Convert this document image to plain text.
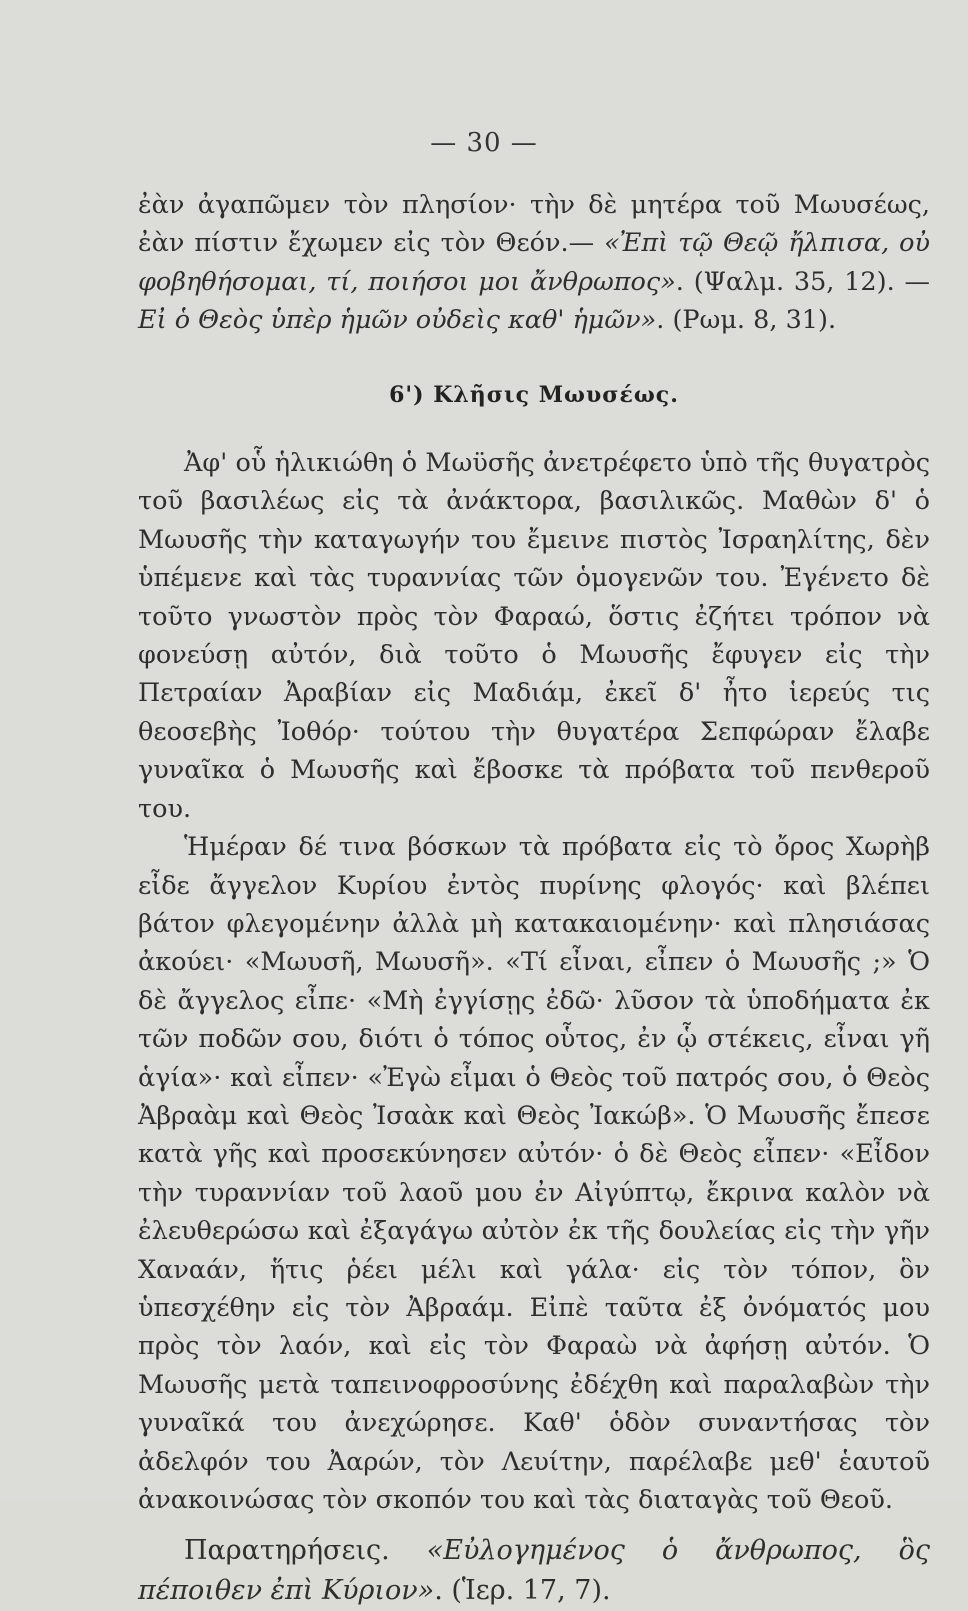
— 30 —

ἐὰν ἀγαπῶμεν τὸν πλησίον· τὴν δὲ μητέρα τοῦ Μωυσέως, ἐὰν πίστιν ἔχωμεν εἰς τὸν Θεόν.— «Ἐπὶ τῷ Θεῷ ἤλπισα, οὐ φοβηθήσομαι, τί, ποιήσοι μοι ἄνθρωπος». (Ψαλμ. 35, 12). — Εἰ ὁ Θεὸς ὑπὲρ ἡμῶν οὐδεὶς καθ' ἡμῶν». (Ρωμ. 8, 31).

6') Κλῆσις Μωυσέως.

Ἀφ' οὗ ἡλικιώθη ὁ Μωϋσῆς ἀνετρέφετο ὑπὸ τῆς θυγατρὸς τοῦ βασιλέως εἰς τὰ ἀνάκτορα, βασιλικῶς. Μαθὼν δ' ὁ Μωυσῆς τὴν καταγωγήν του ἔμεινε πιστὸς Ἰσραηλίτης, δὲν ὑπέμενε καὶ τὰς τυραννίας τῶν ὁμογενῶν του. Ἐγένετο δὲ τοῦτο γνωστὸν πρὸς τὸν Φαραώ, ὅστις ἐζήτει τρόπον νὰ φονεύσῃ αὐτόν, διὰ τοῦτο ὁ Μωυσῆς ἔφυγεν εἰς τὴν Πετραίαν Ἀραβίαν εἰς Μαδιάμ, ἐκεῖ δ' ἦτο ἱερεύς τις θεοσεβὴς Ἰοθόρ· τούτου τὴν θυγατέρα Σεπφώραν ἔλαβε γυναῖκα ὁ Μωυσῆς καὶ ἔβοσκε τὰ πρόβατα τοῦ πενθεροῦ του.

Ἡμέραν δέ τινα βόσκων τὰ πρόβατα εἰς τὸ ὄρος Χωρὴβ εἶδε ἄγγελον Κυρίου ἐντὸς πυρίνης φλογός· καὶ βλέπει βάτον φλεγομένην ἀλλὰ μὴ κατακαιομένην· καὶ πλησιάσας ἀκούει· «Μωυσῆ, Μωυσῆ». «Τί εἶναι, εἶπεν ὁ Μωυσῆς ;» Ὁ δὲ ἄγγελος εἶπε· «Μὴ ἐγγίσῃς ἐδῶ· λῦσον τὰ ὑποδήματα ἐκ τῶν ποδῶν σου, διότι ὁ τόπος οὗτος, ἐν ᾧ στέκεις, εἶναι γῆ ἁγία»· καὶ εἶπεν· «Ἐγὼ εἶμαι ὁ Θεὸς τοῦ πατρός σου, ὁ Θεὸς Ἀβραὰμ καὶ Θεὸς Ἰσαὰκ καὶ Θεὸς Ἰακώβ». Ὁ Μωυσῆς ἔπεσε κατὰ γῆς καὶ προσεκύνησεν αὐτόν· ὁ δὲ Θεὸς εἶπεν· «Εἶδον τὴν τυραννίαν τοῦ λαοῦ μου ἐν Αἰγύπτῳ, ἔκρινα καλὸν νὰ ἐλευθερώσω καὶ ἐξαγάγω αὐτὸν ἐκ τῆς δουλείας εἰς τὴν γῆν Χαναάν, ἥτις ῥέει μέλι καὶ γάλα· εἰς τὸν τόπον, ὃν ὑπεσχέθην εἰς τὸν Ἀβραάμ. Εἰπὲ ταῦτα ἐξ ὀνόματός μου πρὸς τὸν λαόν, καὶ εἰς τὸν Φαραὼ νὰ ἀφήσῃ αὐτόν. Ὁ Μωυσῆς μετὰ ταπεινοφροσύνης ἐδέχθη καὶ παραλαβὼν τὴν γυναῖκά του ἀνεχώρησε. Καθ' ὁδὸν συναντήσας τὸν ἀδελφόν του Ἀαρών, τὸν Λευίτην, παρέλαβε μεθ' ἑαυτοῦ ἀνακοινώσας τὸν σκοπόν του καὶ τὰς διαταγὰς τοῦ Θεοῦ.

Παρατηρήσεις. «Εὐλογημένος ὁ ἄνθρωπος, ὃς πέποιθεν ἐπὶ Κύριον». (Ἱερ. 17, 7).
